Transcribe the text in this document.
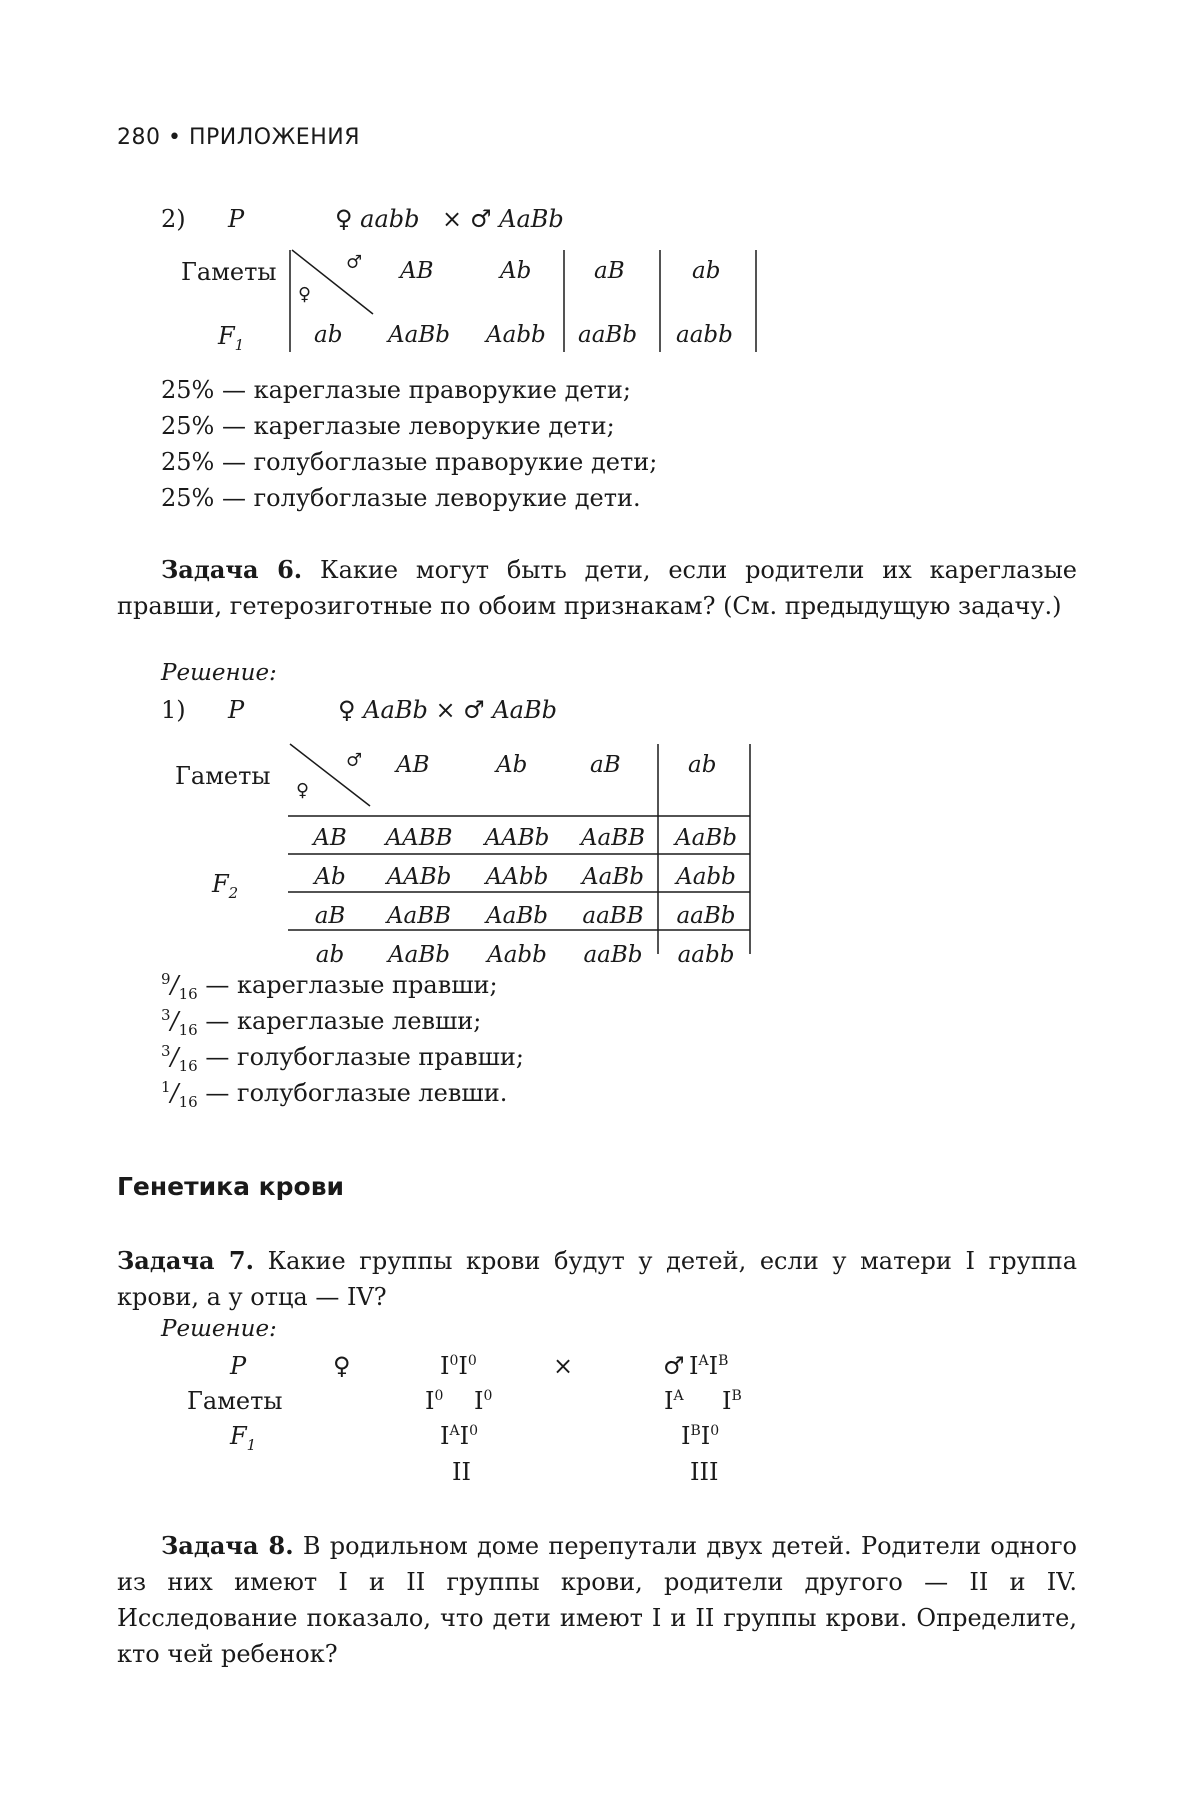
280 • ПРИЛОЖЕНИЯ
2) P	♀ aabb × ♂ AaBb
Гаметы
$F_1$
♂
♀
AB	Ab	aB	ab
ab AaBb Aabb aaBb aabb
25% — кареглазые праворукие дети;
25% — кареглазые леворукие дети;
25% — голубоглазые праворукие дети;
25% — голубоглазые леворукие дети.
Задача 6. Какие могут быть дети, если родители их кареглазые правши, гетерозиготные по обоим признакам? (См. предыдущую задачу.)
Решение:
1) P	♀ AaBb × ♂ AaBb
Гаметы
$F_2$
♂
♀
AB	Ab	aB	ab
AB	AABB	AABb	AaBB	AaBb
Ab	AABb	AAbb	AaBb	Aabb
aB	AaBB	AaBb	aaBB	aaBb
ab	AaBb	Aabb	aaBb	aabb
$^9/_{16}$ — кареглазые правши;
$^3/_{16}$ — кареглазые левши;
$^3/_{16}$ — голубоглазые правши;
$^1/_{16}$ — голубоглазые левши.
Генетика крови
Задача 7. Какие группы крови будут у детей, если у матери I группа крови, а у отца — IV?
Решение:
P	♀	$I^0I^0$	×	♂ $I^AI^B$
Гаметы	$I^0$ $I^0$	$I^A$ $I^B$
$F_1$	$I^AI^0$	$I^BI^0$
II	III
Задача 8. В родильном доме перепутали двух детей. Родители одного из них имеют I и II группы крови, родители другого — II и IV. Исследование показало, что дети имеют I и II группы крови. Определите, кто чей ребенок?
